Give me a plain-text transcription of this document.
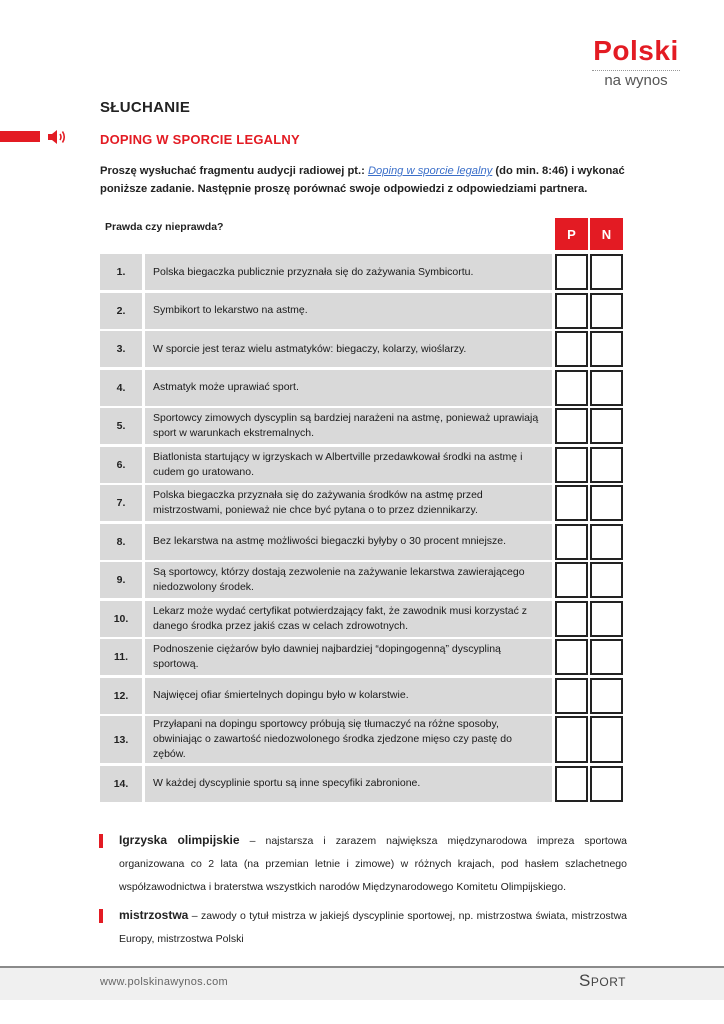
Polski
na wynos
SŁUCHANIE
DOPING W SPORCIE LEGALNY
Proszę wysłuchać fragmentu audycji radiowej pt.: Doping w sporcie legalny (do min. 8:46) i wykonać poniższe zadanie. Następnie proszę porównać swoje odpowiedzi z odpowiedziami partnera.
Prawda czy nieprawda?	P	N
1.	Polska biegaczka publicznie przyznała się do zażywania Symbicortu.
2.	Symbikort to lekarstwo na astmę.
3.	W sporcie jest teraz wielu astmatyków: biegaczy, kolarzy, wioślarzy.
4.	Astmatyk może uprawiać sport.
5.
Sportowcy zimowych dyscyplin są bardziej narażeni na astmę, ponieważ uprawiają sport w warunkach ekstremalnych.
6.
Biatlonista startujący w igrzyskach w Albertville przedawkował środki na astmę i cudem go uratowano.
7.
Polska biegaczka przyznała się do zażywania środków na astmę przed mistrzostwami, ponieważ nie chce być pytana o to przez dziennikarzy.
8.	Bez lekarstwa na astmę możliwości biegaczki byłyby o 30 procent mniejsze.
9.
Są sportowcy, którzy dostają zezwolenie na zażywanie lekarstwa zawierającego niedozwolony środek.
10.
Lekarz może wydać certyfikat potwierdzający fakt, że zawodnik musi korzystać z danego środka przez jakiś czas w celach zdrowotnych.
11.
Podnoszenie ciężarów było dawniej najbardziej “dopingogenną” dyscypliną sportową.
12.	Najwięcej ofiar śmiertelnych dopingu było w kolarstwie.
13.
Przyłapani na dopingu sportowcy próbują się tłumaczyć na różne sposoby, obwiniając o zawartość niedozwolonego środka zjedzone mięso czy pastę do zębów.
14.	W każdej dyscyplinie sportu są inne specyfiki zabronione.
Igrzyska olimpijskie – najstarsza i zarazem największa międzynarodowa impreza sportowa organizowana co 2 lata (na przemian letnie i zimowe) w różnych krajach, pod hasłem szlachetnego współzawodnictwa i braterstwa wszystkich narodów Międzynarodowego Komitetu Olimpijskiego.
mistrzostwa – zawody o tytuł mistrza w jakiejś dyscyplinie sportowej, np. mistrzostwa świata, mistrzostwa Europy, mistrzostwa Polski
www.polskinawynos.com	Sport
